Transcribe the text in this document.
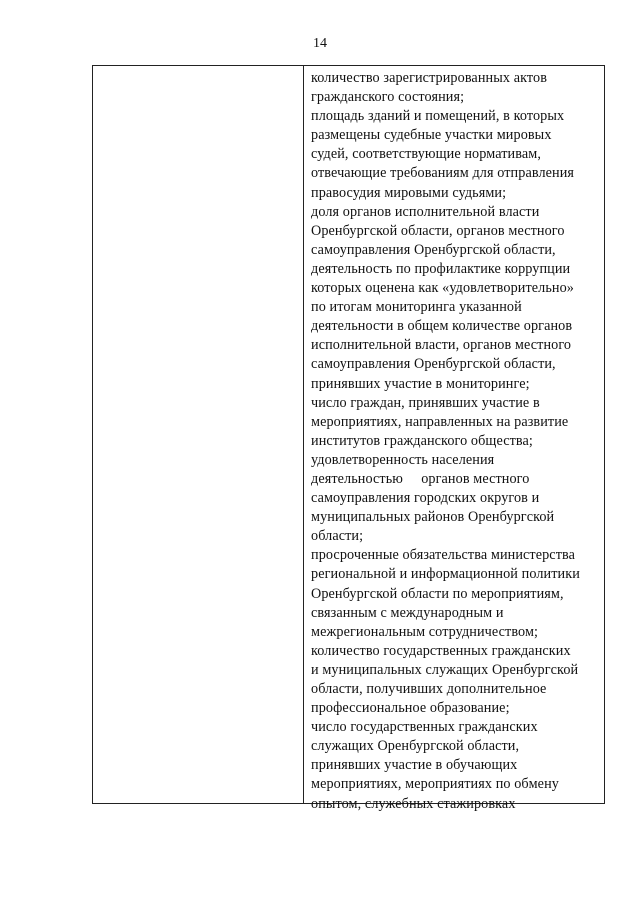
14
количество зарегистрированных актов
гражданского состояния;
площадь зданий и помещений, в которых
размещены судебные участки мировых
судей, соответствующие нормативам,
отвечающие требованиям для отправления
правосудия мировыми судьями;
доля органов исполнительной власти
Оренбургской области, органов местного
самоуправления Оренбургской области,
деятельность по профилактике коррупции
которых оценена как «удовлетворительно»
по итогам мониторинга указанной
деятельности в общем количестве органов
исполнительной власти, органов местного
самоуправления Оренбургской области,
принявших участие в мониторинге;
число граждан, принявших участие в
мероприятиях, направленных на развитие
институтов гражданского общества;
удовлетворенность населения
деятельностью     органов местного
самоуправления городских округов и
муниципальных районов Оренбургской
области;
просроченные обязательства министерства
региональной и информационной политики
Оренбургской области по мероприятиям,
связанным с международным и
межрегиональным сотрудничеством;
количество государственных гражданских
и муниципальных служащих Оренбургской
области, получивших дополнительное
профессиональное образование;
число государственных гражданских
служащих Оренбургской области,
принявших участие в обучающих
мероприятиях, мероприятиях по обмену
опытом, служебных стажировках
